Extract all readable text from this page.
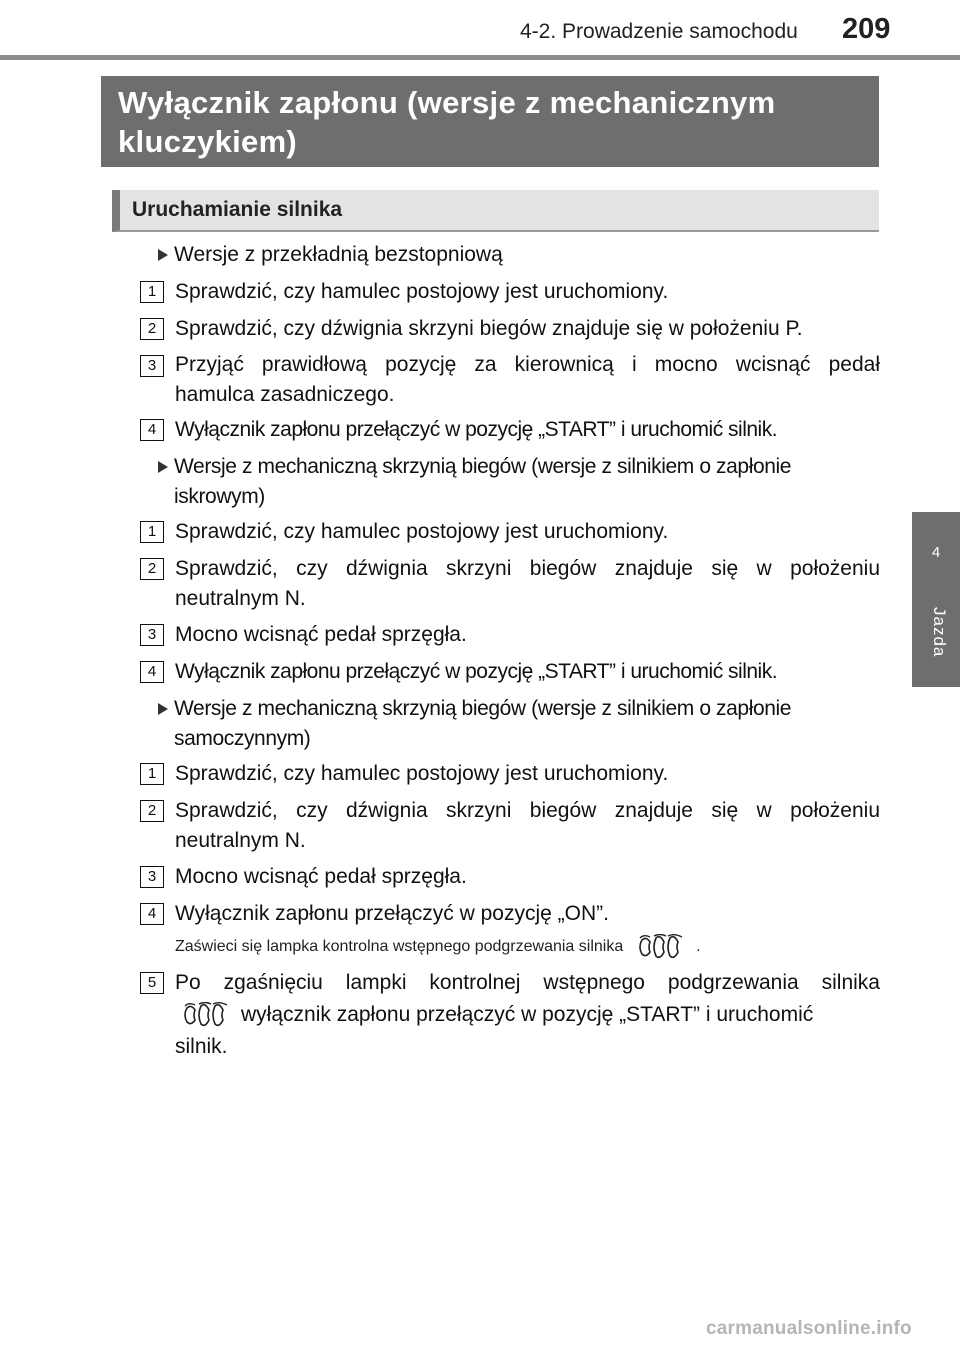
4-2. Prowadzenie samochodu 209
4
Jazda
Wyłącznik zapłonu (wersje z mechanicznym
kluczykiem)
Uruchamianie silnika
Wersje z przekładnią bezstopniową
1 Sprawdzić, czy hamulec postojowy jest uruchomiony.
2 Sprawdzić, czy dźwignia skrzyni biegów znajduje się w położeniu P.
3 Przyjąć prawidłową pozycję za kierownicą i mocno wcisnąć pedał
hamulca zasadniczego.
4 Wyłącznik zapłonu przełączyć w pozycję „START” i uruchomić silnik.
Wersje z mechaniczną skrzynią biegów (wersje z silnikiem o zapłonie
iskrowym)
1 Sprawdzić, czy hamulec postojowy jest uruchomiony.
2 Sprawdzić, czy dźwignia skrzyni biegów znajduje się w położeniu
neutralnym N.
3 Mocno wcisnąć pedał sprzęgła.
4 Wyłącznik zapłonu przełączyć w pozycję „START” i uruchomić silnik.
Wersje z mechaniczną skrzynią biegów (wersje z silnikiem o zapłonie
samoczynnym)
1 Sprawdzić, czy hamulec postojowy jest uruchomiony.
2 Sprawdzić, czy dźwignia skrzyni biegów znajduje się w położeniu
neutralnym N.
3 Mocno wcisnąć pedał sprzęgła.
4 Wyłącznik zapłonu przełączyć w pozycję „ON”.
Zaświeci się lampka kontrolna wstępnego podgrzewania silnika	.
5 Po zgaśnięciu lampki kontrolnej wstępnego podgrzewania silnika
wyłącznik zapłonu przełączyć w pozycję „START” i uruchomić
silnik.
carmanualsonline.info
